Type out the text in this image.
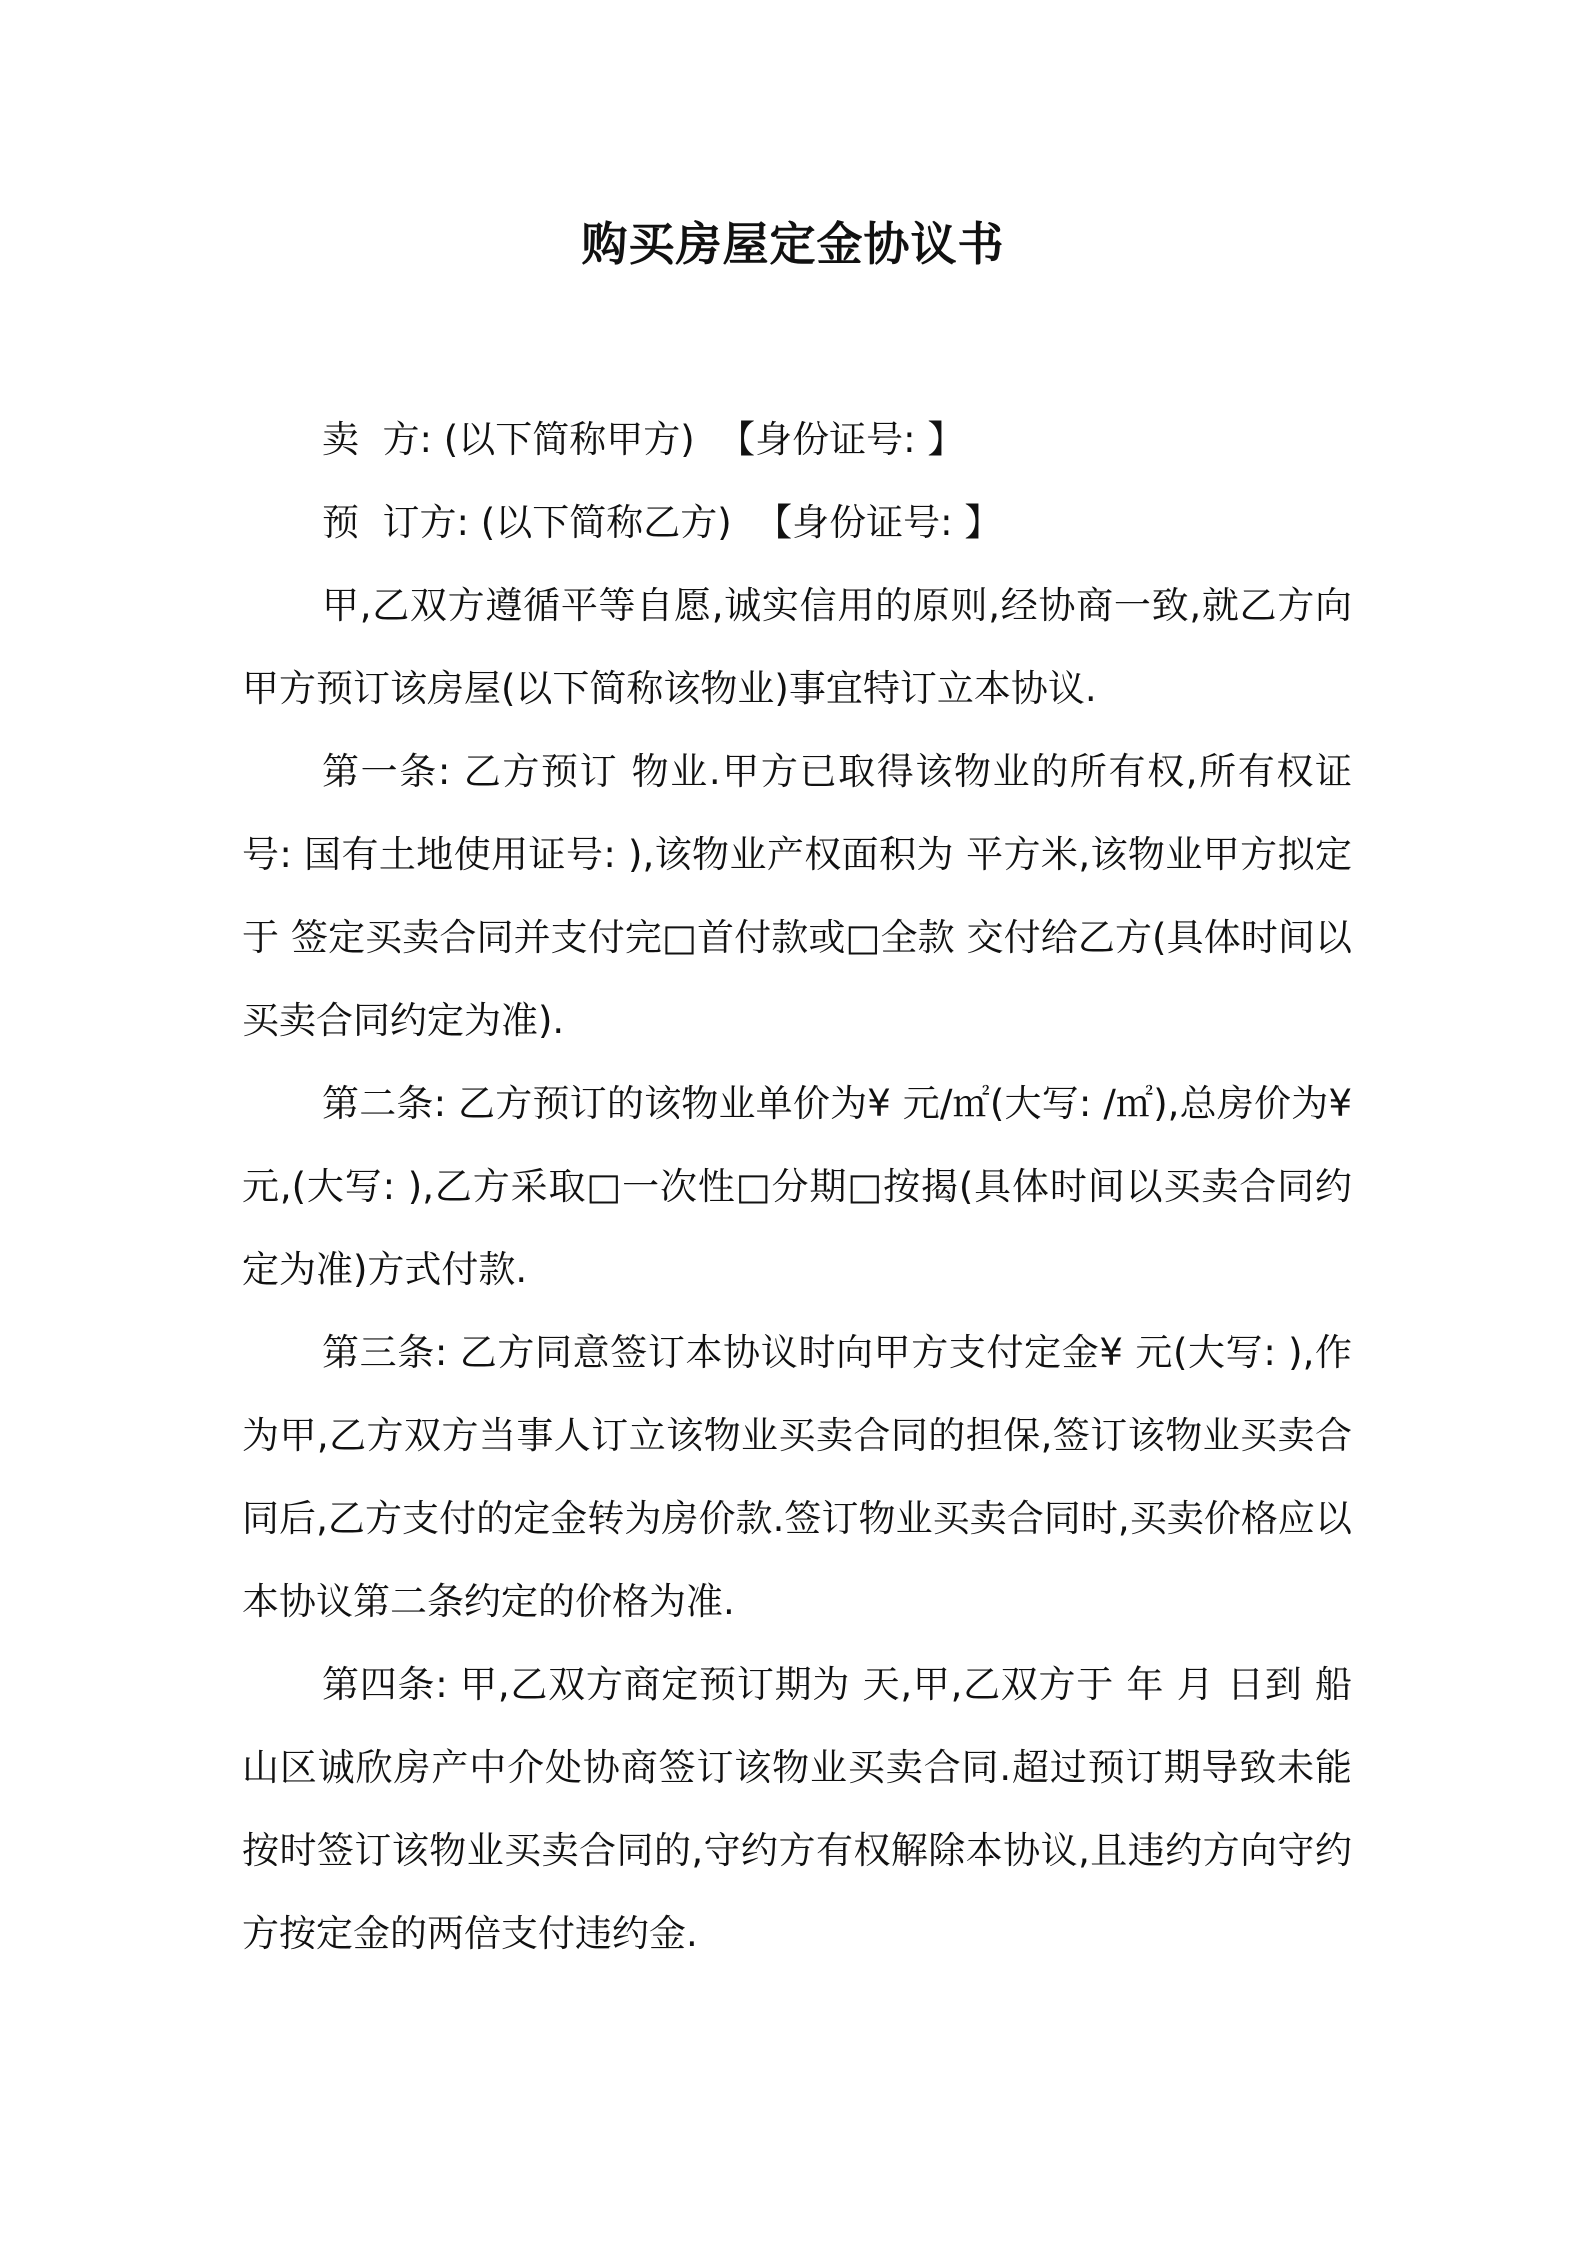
购买房屋定金协议书

卖  方: (以下简称甲方)  【身份证号: 】

预  订方: (以下简称乙方)  【身份证号: 】

甲,乙双方遵循平等自愿,诚实信用的原则,经协商一致,就乙方向甲方预订该房屋(以下简称该物业)事宜特订立本协议.

第一条: 乙方预订 物业.甲方已取得该物业的所有权,所有权证号: 国有土地使用证号: ),该物业产权面积为 平方米,该物业甲方拟定于 签定买卖合同并支付完□首付款或□全款 交付给乙方(具体时间以买卖合同约定为准).

第二条: 乙方预订的该物业单价为¥ 元/㎡(大写: /㎡),总房价为¥ 元,(大写: ),乙方采取□一次性□分期□按揭(具体时间以买卖合同约定为准)方式付款.

第三条: 乙方同意签订本协议时向甲方支付定金¥ 元(大写: ),作为甲,乙方双方当事人订立该物业买卖合同的担保,签订该物业买卖合同后,乙方支付的定金转为房价款.签订物业买卖合同时,买卖价格应以本协议第二条约定的价格为准.

第四条: 甲,乙双方商定预订期为 天,甲,乙双方于 年 月 日到 船山区诚欣房产中介处协商签订该物业买卖合同.超过预订期导致未能按时签订该物业买卖合同的,守约方有权解除本协议,且违约方向守约方按定金的两倍支付违约金.
